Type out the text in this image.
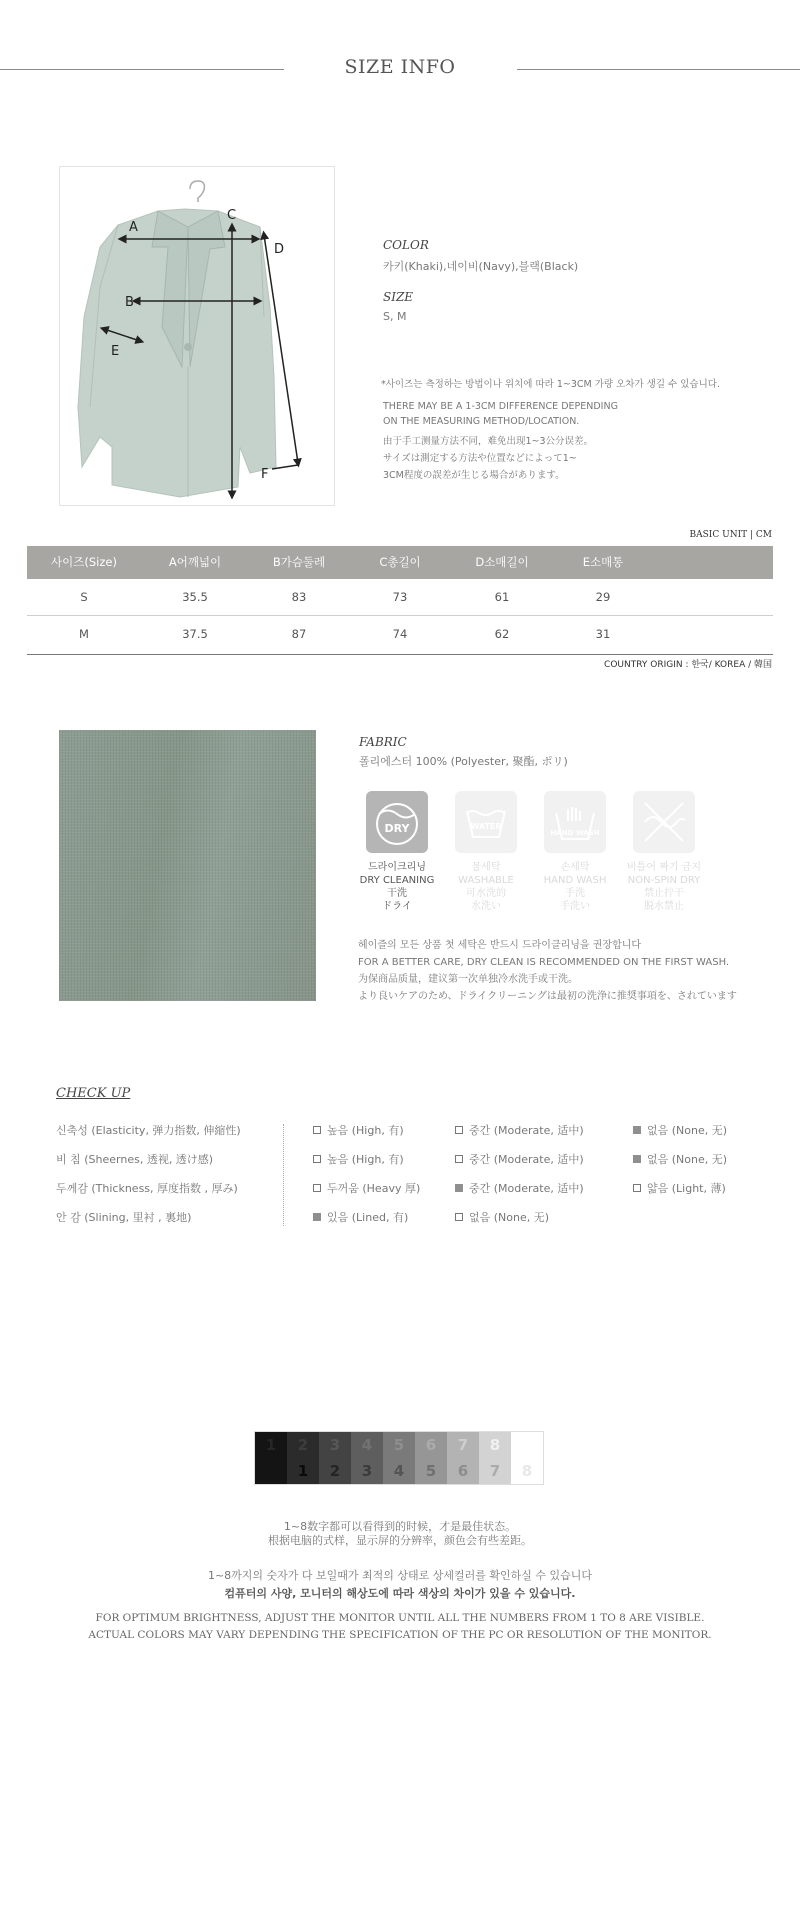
SIZE INFO
A
B
C
D
E
F
COLOR
카키(Khaki),네이비(Navy),블랙(Black)
SIZE
S, M
*사이즈는 측정하는 방법이나 위치에 따라 1~3CM 가량 오차가 생길 수 있습니다.
THERE MAY BE A 1-3CM DIFFERENCE DEPENDING
ON THE MEASURING METHOD/LOCATION.
由于手工测量方法不同，难免出现1~3公分误差。
サイズは測定する方法や位置などによって1~
3CM程度の誤差が生じる場合があります。
BASIC UNIT | CM
사이즈(Size)	A어깨넓이	B가슴둘레	C총길이	D소매길이	E소매통
S	35.5	83	73	61	29
M	37.5	87	74	62	31
COUNTRY ORIGIN : 한국/ KOREA / 韓国
FABRIC
폴리에스터 100% (Polyester, 聚酯, ポリ)
DRY
드라이크리닝
DRY CLEANING
干洗
ドライ
WATER
물세탁
WASHABLE
可水洗的
水洗い
HAND WASH
손세탁
HAND WASH
手洗
手洗い
비틀어 짜기 금지
NON-SPIN DRY
禁止拧干
脱水禁止
헤이즐의 모든 상품 첫 세탁은 반드시 드라이클리닝을 권장합니다
FOR A BETTER CARE, DRY CLEAN IS RECOMMENDED ON THE FIRST WASH.
为保商品质量，建议第一次单独冷水洗手或干洗。
より良いケアのため、ドライクリーニングは最初の洗浄に推奨事項を、されています
CHECK UP
신축성 (Elasticity, 弹力指数, 伸縮性)	높음 (High, 有)	중간 (Moderate, 适中)	없음 (None, 无)
비 침 (Sheernes, 透视, 透け感)	높음 (High, 有)	중간 (Moderate, 适中)	없음 (None, 无)
두께감 (Thickness, 厚度指数 , 厚み)	두꺼움 (Heavy 厚)	중간 (Moderate, 适中)	얇음 (Light, 薄)
안 감 (Slining, 里衬 , 裏地)	있음 (Lined, 有)	없음 (None, 无)
1	2
1
3
2
4
3
5
4
6
5
7
6
8
7	8
1~8数字都可以看得到的时候，才是最佳状态。
根据电脑的式样，显示屏的分辨率，颜色会有些差距。
1~8까지의 숫자가 다 보일때가 최적의 상태로 상세컬러를 확인하실 수 있습니다
컴퓨터의 사양, 모니터의 해상도에 따라 색상의 차이가 있을 수 있습니다.
FOR OPTIMUM BRIGHTNESS, ADJUST THE MONITOR UNTIL ALL THE NUMBERS FROM 1 TO 8 ARE VISIBLE.
ACTUAL COLORS MAY VARY DEPENDING THE SPECIFICATION OF THE PC OR RESOLUTION OF THE MONITOR.
